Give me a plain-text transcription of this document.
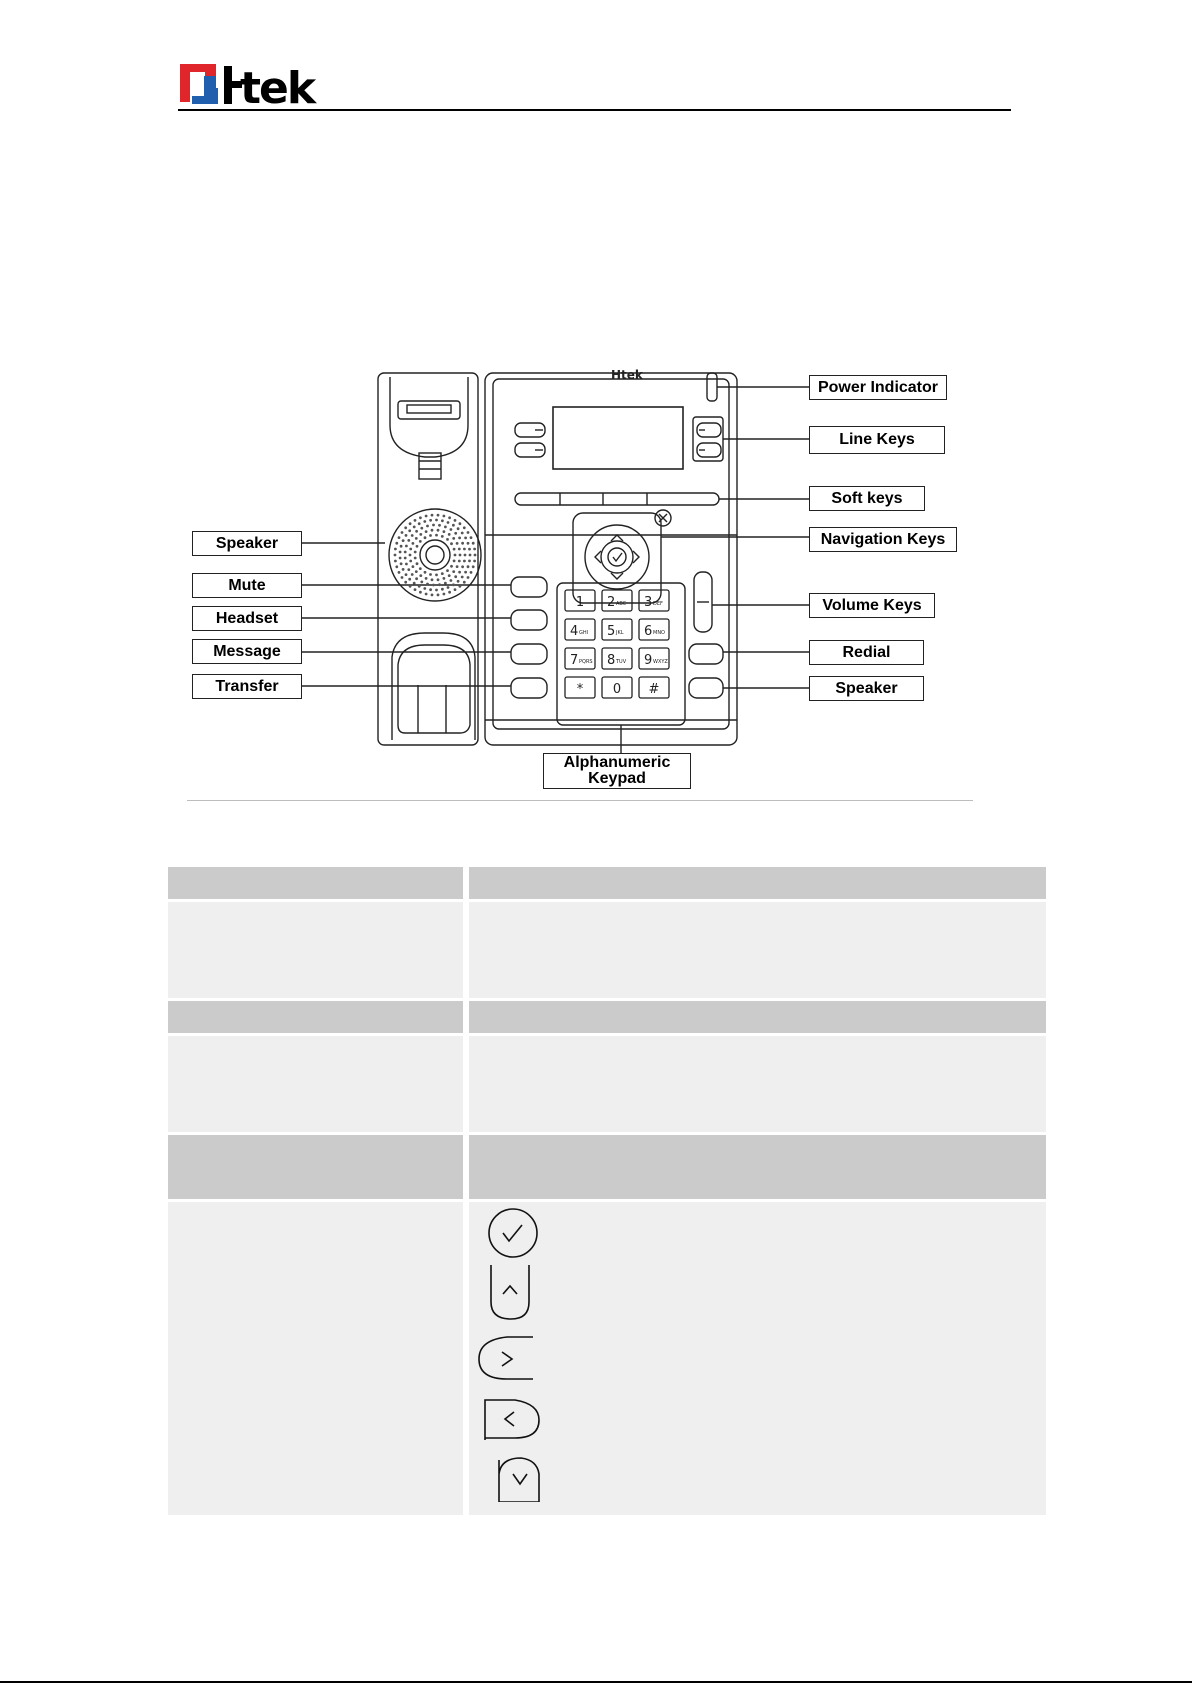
tek
1 2 ABC 3 DEF
4 GHI 5 JKL 6 MNO
7 PQRS 8 TUV 9 WXYZ
* 0 #
Htek
Power Indicator
Line Keys
Soft keys
Navigation Keys
Volume Keys
Redial
Speaker
Speaker
Mute
Headset
Message
Transfer
Alphanumeric
Keypad
